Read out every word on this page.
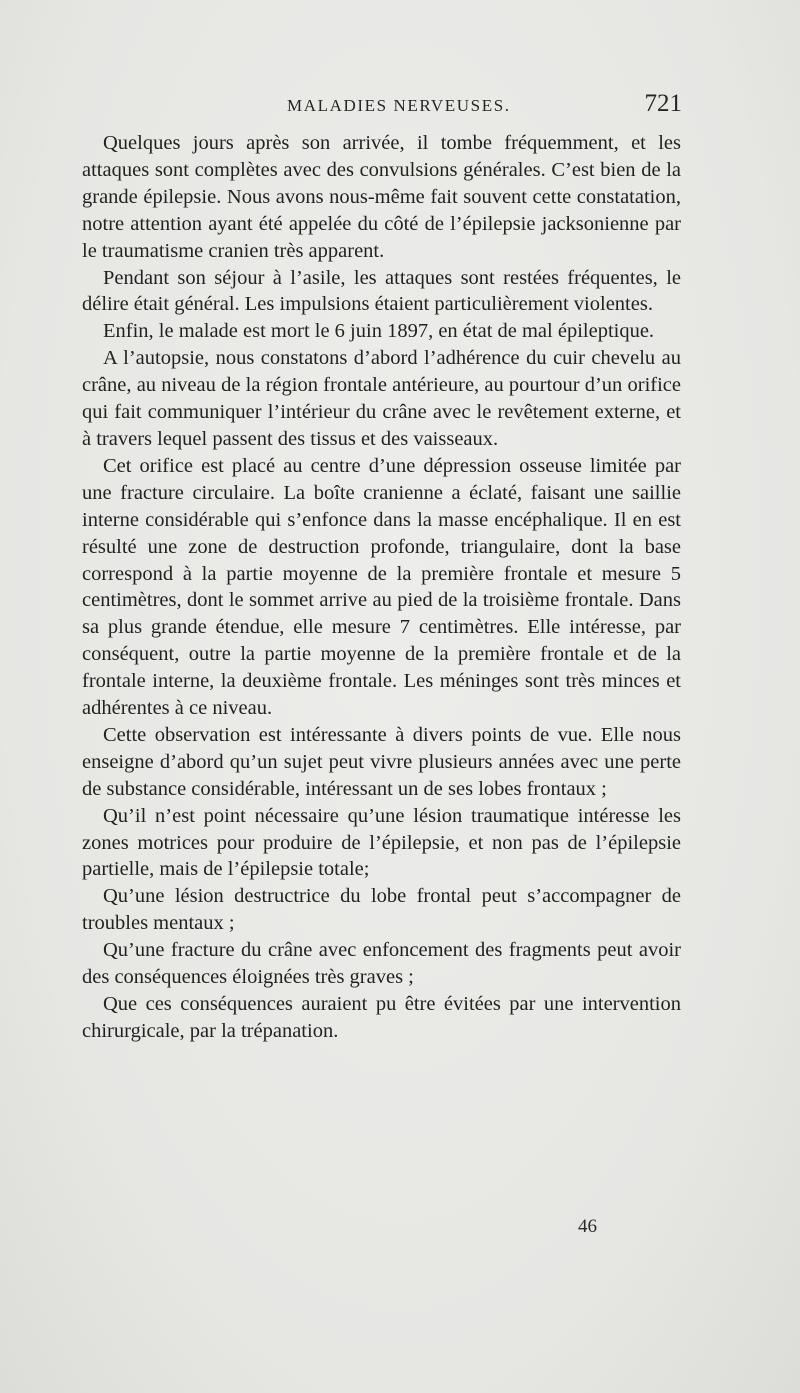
MALADIES NERVEUSES.	721

Quelques jours après son arrivée, il tombe fréquemment, et les attaques sont complètes avec des convulsions générales. C’est bien de la grande épilepsie. Nous avons nous-même fait souvent cette constatation, notre attention ayant été appelée du côté de l’épilepsie jacksonienne par le traumatisme cranien très apparent.

Pendant son séjour à l’asile, les attaques sont restées fréquentes, le délire était général. Les impulsions étaient particulièrement violentes.

Enfin, le malade est mort le 6 juin 1897, en état de mal épileptique.

A l’autopsie, nous constatons d’abord l’adhérence du cuir chevelu au crâne, au niveau de la région frontale antérieure, au pourtour d’un orifice qui fait communiquer l’intérieur du crâne avec le revêtement externe, et à travers lequel passent des tissus et des vaisseaux.

Cet orifice est placé au centre d’une dépression osseuse limitée par une fracture circulaire. La boîte cranienne a éclaté, faisant une saillie interne considérable qui s’enfonce dans la masse encéphalique. Il en est résulté une zone de destruction profonde, triangulaire, dont la base correspond à la partie moyenne de la première frontale et mesure 5 centimètres, dont le sommet arrive au pied de la troisième frontale. Dans sa plus grande étendue, elle mesure 7 centimètres. Elle intéresse, par conséquent, outre la partie moyenne de la première frontale et de la frontale interne, la deuxième frontale. Les méninges sont très minces et adhérentes à ce niveau.

Cette observation est intéressante à divers points de vue. Elle nous enseigne d’abord qu’un sujet peut vivre plusieurs années avec une perte de substance considérable, intéressant un de ses lobes frontaux ;

Qu’il n’est point nécessaire qu’une lésion traumatique intéresse les zones motrices pour produire de l’épilepsie, et non pas de l’épilepsie partielle, mais de l’épilepsie totale;

Qu’une lésion destructrice du lobe frontal peut s’accompagner de troubles mentaux ;

Qu’une fracture du crâne avec enfoncement des fragments peut avoir des conséquences éloignées très graves ;

Que ces conséquences auraient pu être évitées par une intervention chirurgicale, par la trépanation.

46
